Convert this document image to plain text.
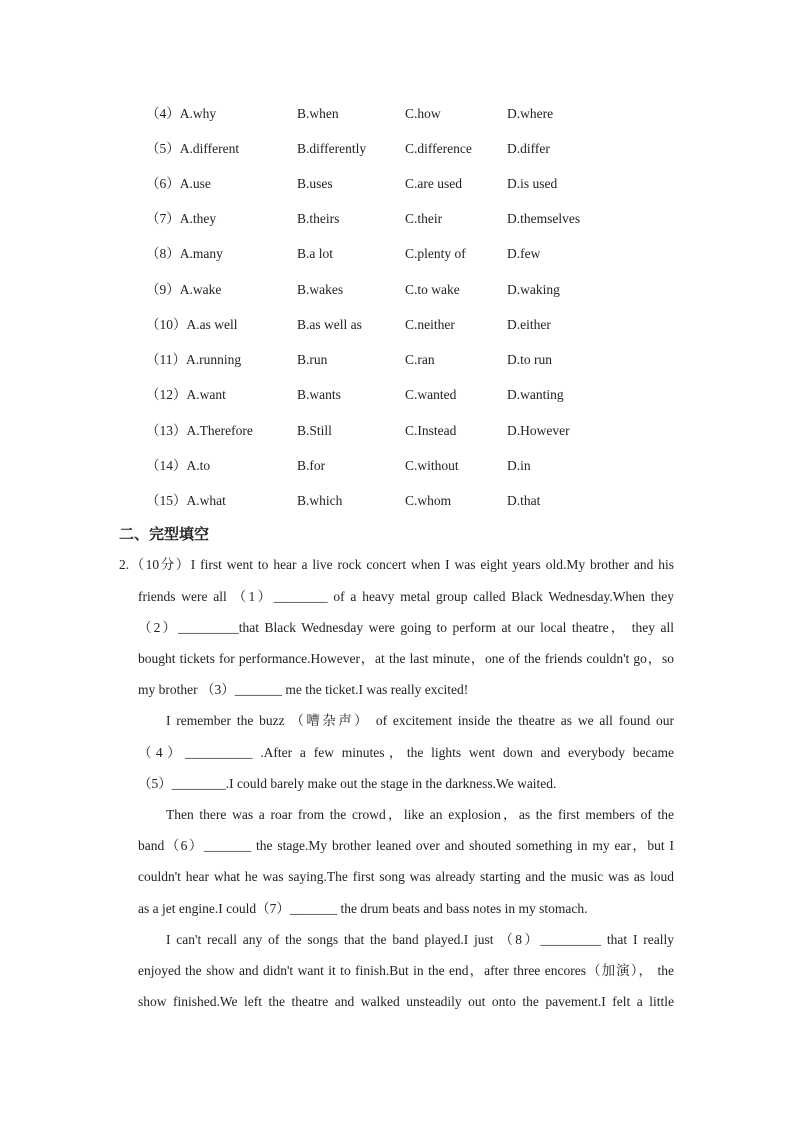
（4）A.why	B.when	C.how	D.where
（5）A.different	B.differently	C.difference	D.differ
（6）A.use	B.uses	C.are used	D.is used
（7）A.they	B.theirs	C.their	D.themselves
（8）A.many	B.a lot	C.plenty of	D.few
（9）A.wake	B.wakes	C.to wake	D.waking
（10）A.as well	B.as well as	C.neither	D.either
（11）A.running	B.run	C.ran	D.to run
（12）A.want	B.wants	C.wanted	D.wanting
（13）A.Therefore	B.Still	C.Instead	D.However
（14）A.to	B.for	C.without	D.in
（15）A.what	B.which	C.whom	D.that
二、完型填空
2.（10分）I first went to hear a live rock concert when I was eight years old.My brother and his
friends were all （1）________ of a heavy metal group called Black Wednesday.When they
（2）_________that Black Wednesday were going to perform at our local theatre， they all
bought tickets for performance.However，at the last minute，one of the friends couldn't go，so
my brother （3）_______ me the ticket.I was really excited!
I remember the buzz （嘈杂声） of excitement inside the theatre as we all found our
（4）__________ .After a few minutes，the lights went down and everybody became
（5）________.I could barely make out the stage in the darkness.We waited.
Then there was a roar from the crowd，like an explosion，as the first members of the
band（6）_______ the stage.My brother leaned over and shouted something in my ear，but I
couldn't hear what he was saying.The first song was already starting and the music was as loud
as a jet engine.I could（7）_______ the drum beats and bass notes in my stomach.
I can't recall any of the songs that the band played.I just （8）_________ that I really
enjoyed the show and didn't want it to finish.But in the end，after three encores（加演）， the
show finished.We left the theatre and walked unsteadily out onto the pavement.I felt a little
